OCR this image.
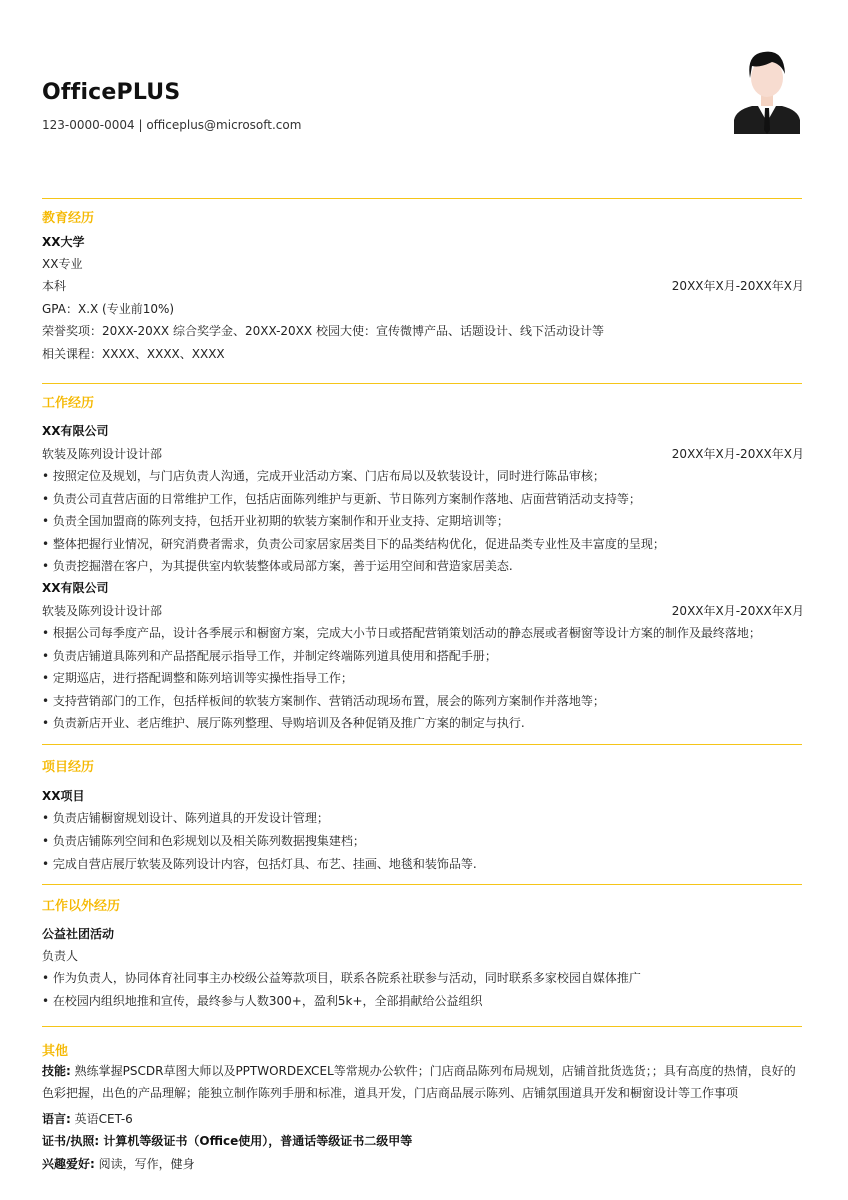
OfficePLUS
123-0000-0004 | officeplus@microsoft.com
教育经历
XX大学
XX专业
本科	20XX年X月-20XX年X月
GPA：X.X (专业前10%)
荣誉奖项：20XX-20XX 综合奖学金、20XX-20XX 校园大使：宣传微博产品、话题设计、线下活动设计等
相关课程：XXXX、XXXX、XXXX
工作经历
XX有限公司
软装及陈列设计设计部	20XX年X月-20XX年X月
• 按照定位及规划，与门店负责人沟通，完成开业活动方案、门店布局以及软装设计，同时进行陈品审核；
• 负责公司直营店面的日常维护工作，包括店面陈列维护与更新、节日陈列方案制作落地、店面营销活动支持等；
• 负责全国加盟商的陈列支持，包括开业初期的软装方案制作和开业支持、定期培训等；
• 整体把握行业情况，研究消费者需求，负责公司家居家居类目下的品类结构优化，促进品类专业性及丰富度的呈现；
• 负责挖掘潜在客户，为其提供室内软装整体或局部方案，善于运用空间和营造家居美态.
XX有限公司
软装及陈列设计设计部	20XX年X月-20XX年X月
• 根据公司每季度产品，设计各季展示和橱窗方案，完成大小节日或搭配营销策划活动的静态展或者橱窗等设计方案的制作及最终落地；
• 负责店铺道具陈列和产品搭配展示指导工作，并制定终端陈列道具使用和搭配手册；
• 定期巡店，进行搭配调整和陈列培训等实操性指导工作；
• 支持营销部门的工作，包括样板间的软装方案制作、营销活动现场布置，展会的陈列方案制作并落地等；
• 负责新店开业、老店维护、展厅陈列整理、导购培训及各种促销及推广方案的制定与执行.
项目经历
XX项目
• 负责店铺橱窗规划设计、陈列道具的开发设计管理；
• 负责店铺陈列空间和色彩规划以及相关陈列数据搜集建档；
• 完成自营店展厅软装及陈列设计内容，包括灯具、布艺、挂画、地毯和装饰品等.
工作以外经历
公益社团活动
负责人
• 作为负责人，协同体育社同事主办校级公益筹款项目，联系各院系社联参与活动，同时联系多家校园自媒体推广
• 在校园内组织地推和宣传，最终参与人数300+，盈利5k+，全部捐献给公益组织
其他
技能: 熟练掌握PSCDR草图大师以及PPTWORDEXCEL等常规办公软件；门店商品陈列布局规划，店铺首批货选货；；具有高度的热情，良好的色彩把握，出色的产品理解；能独立制作陈列手册和标准，道具开发，门店商品展示陈列、店铺氛围道具开发和橱窗设计等工作事项
语言: 英语CET-6
证书/执照: 计算机等级证书（Office使用），普通话等级证书二级甲等
兴趣爱好: 阅读，写作，健身
